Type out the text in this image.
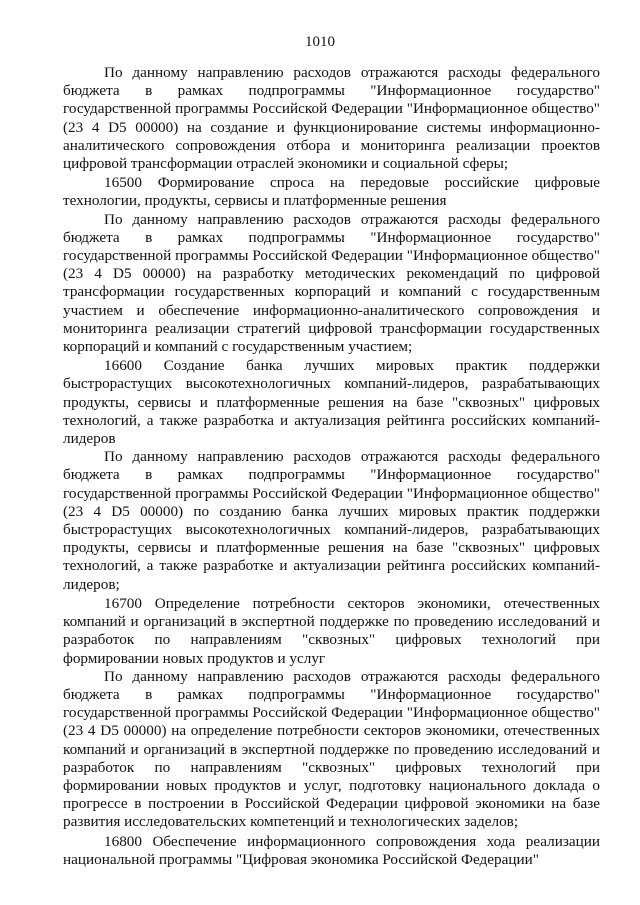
1010

По данному направлению расходов отражаются расходы федерального бюджета в рамках подпрограммы "Информационное государство" государственной программы Российской Федерации "Информационное общество" (23 4 D5 00000) на создание и функционирование системы информационно-аналитического сопровождения отбора и мониторинга реализации проектов цифровой трансформации отраслей экономики и социальной сферы;

16500 Формирование спроса на передовые российские цифровые технологии, продукты, сервисы и платформенные решения

По данному направлению расходов отражаются расходы федерального бюджета в рамках подпрограммы "Информационное государство" государственной программы Российской Федерации "Информационное общество" (23 4 D5 00000) на разработку методических рекомендаций по цифровой трансформации государственных корпораций и компаний с государственным участием и обеспечение информационно-аналитического сопровождения и мониторинга реализации стратегий цифровой трансформации государственных корпораций и компаний с государственным участием;

16600 Создание банка лучших мировых практик поддержки быстрорастущих высокотехнологичных компаний-лидеров, разрабатывающих продукты, сервисы и платформенные решения на базе "сквозных" цифровых технологий, а также разработка и актуализация рейтинга российских компаний-лидеров

По данному направлению расходов отражаются расходы федерального бюджета в рамках подпрограммы "Информационное государство" государственной программы Российской Федерации "Информационное общество" (23 4 D5 00000) по созданию банка лучших мировых практик поддержки быстрорастущих высокотехнологичных компаний-лидеров, разрабатывающих продукты, сервисы и платформенные решения на базе "сквозных" цифровых технологий, а также разработке и актуализации рейтинга российских компаний-лидеров;

16700 Определение потребности секторов экономики, отечественных компаний и организаций в экспертной поддержке по проведению исследований и разработок по направлениям "сквозных" цифровых технологий при формировании новых продуктов и услуг

По данному направлению расходов отражаются расходы федерального бюджета в рамках подпрограммы "Информационное государство" государственной программы Российской Федерации "Информационное общество" (23 4 D5 00000) на определение потребности секторов экономики, отечественных компаний и организаций в экспертной поддержке по проведению исследований и разработок по направлениям "сквозных" цифровых технологий при формировании новых продуктов и услуг, подготовку национального доклада о прогрессе в построении в Российской Федерации цифровой экономики на базе развития исследовательских компетенций и технологических заделов;

16800 Обеспечение информационного сопровождения хода реализации национальной программы "Цифровая экономика Российской Федерации"
